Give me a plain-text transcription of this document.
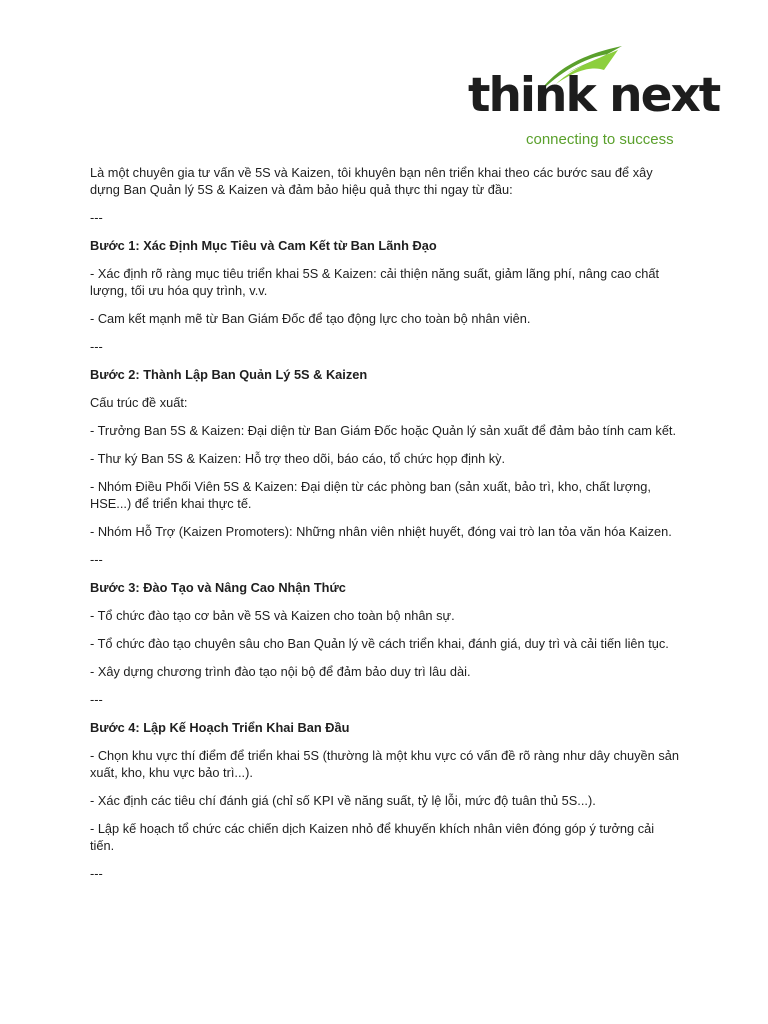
think next
connecting to success

Là một chuyên gia tư vấn về 5S và Kaizen, tôi khuyên bạn nên triển khai theo các bước sau để xây dựng Ban Quản lý 5S & Kaizen và đảm bảo hiệu quả thực thi ngay từ đầu:

---

Bước 1: Xác Định Mục Tiêu và Cam Kết từ Ban Lãnh Đạo

- Xác định rõ ràng mục tiêu triển khai 5S & Kaizen: cải thiện năng suất, giảm lãng phí, nâng cao chất lượng, tối ưu hóa quy trình, v.v.

- Cam kết mạnh mẽ từ Ban Giám Đốc để tạo động lực cho toàn bộ nhân viên.

---

Bước 2: Thành Lập Ban Quản Lý 5S & Kaizen

Cấu trúc đề xuất:

- Trưởng Ban 5S & Kaizen: Đại diện từ Ban Giám Đốc hoặc Quản lý sản xuất để đảm bảo tính cam kết.

- Thư ký Ban 5S & Kaizen: Hỗ trợ theo dõi, báo cáo, tổ chức họp định kỳ.

- Nhóm Điều Phối Viên 5S & Kaizen: Đại diện từ các phòng ban (sản xuất, bảo trì, kho, chất lượng, HSE...) để triển khai thực tế.

- Nhóm Hỗ Trợ (Kaizen Promoters): Những nhân viên nhiệt huyết, đóng vai trò lan tỏa văn hóa Kaizen.

---

Bước 3: Đào Tạo và Nâng Cao Nhận Thức

- Tổ chức đào tạo cơ bản về 5S và Kaizen cho toàn bộ nhân sự.

- Tổ chức đào tạo chuyên sâu cho Ban Quản lý về cách triển khai, đánh giá, duy trì và cải tiến liên tục.

- Xây dựng chương trình đào tạo nội bộ để đảm bảo duy trì lâu dài.

---

Bước 4: Lập Kế Hoạch Triển Khai Ban Đầu

- Chọn khu vực thí điểm để triển khai 5S (thường là một khu vực có vấn đề rõ ràng như dây chuyền sản xuất, kho, khu vực bảo trì...).

- Xác định các tiêu chí đánh giá (chỉ số KPI về năng suất, tỷ lệ lỗi, mức độ tuân thủ 5S...).

- Lập kế hoạch tổ chức các chiến dịch Kaizen nhỏ để khuyến khích nhân viên đóng góp ý tưởng cải tiến.

---
